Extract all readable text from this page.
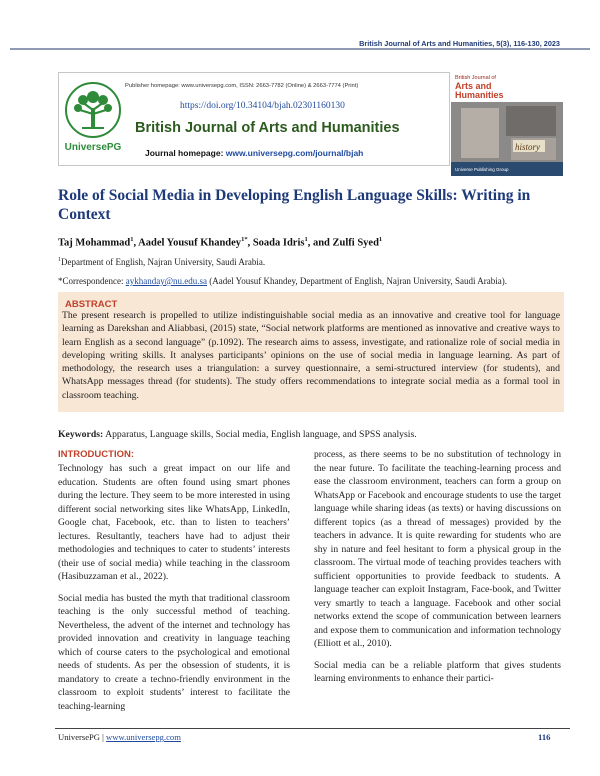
British Journal of Arts and Humanities, 5(3), 116-130, 2023
UniversePG
Publisher homepage: www.universepg.com, ISSN: 2663-7782 (Online) & 2663-7774 (Print)
https://doi.org/10.34104/bjah.02301160130
British Journal of Arts and Humanities
Journal homepage: www.universepg.com/journal/bjah
British Journal of
Arts and
Humanities
history
Universe Publishing Group
Role of Social Media in Developing English Language Skills: Writing in Context
Taj Mohammad$^1$, Aadel Yousuf Khandey$^{1*}$, Soada Idris$^1$, and Zulfi Syed$^1$
$^1$Department of English, Najran University, Saudi Arabia.
*Correspondence: aykhanday@nu.edu.sa (Aadel Yousuf Khandey, Department of English, Najran University, Saudi Arabia).
ABSTRACT
The present research is propelled to utilize indistinguishable social media as an innovative and creative tool for language learning as Darekshan and Aliabbasi, (2015) state, “Social network platforms are mentioned as innovative and creative ways to learn English as a second language” (p.1092). The research aims to assess, investigate, and rationalize role of social media in developing writing skills. It analyses participants’ opinions on the use of social media in language learning. As part of methodology, the research uses a triangulation: a survey questionnaire, a semi-structured interview (for students), and WhatsApp messages thread (for students). The study offers recommendations to integrate social media as a formal tool in classroom teaching.
Keywords: Apparatus, Language skills, Social media, English language, and SPSS analysis.
INTRODUCTION:

Technology has such a great impact on our life and education. Students are often found using smart phones during the lecture. They seem to be more interested in using different social networking sites like WhatsApp, LinkedIn, Google chat, Facebook, etc. than to listen to teachers’ lectures. Resultantly, teachers have had to adjust their methodologies and techniques to cater to students’ interests (their use of social media) while teaching in the classroom (Hasibuzzaman et al., 2022).

Social media has busted the myth that traditional classroom teaching is the only successful method of teaching. Nevertheless, the advent of the internet and technology has provided innovation and creativity in language teaching which of course caters to the psychological and emotional needs of students. As per the obsession of students, it is mandatory to create a techno-friendly environment in the classroom to exploit students’ interest to facilitate the teaching-learning

process, as there seems to be no substitution of technology in the near future. To facilitate the teaching-learning process and ease the classroom environment, teachers can form a group on WhatsApp or Facebook and encourage students to use the target language while sharing ideas (as texts) or having discussions on different topics (as a thread of messages) provided by the teachers in advance. It is quite rewarding for students who are shy in nature and feel hesitant to form a physical group in the classroom. The virtual mode of teaching provides teachers with sufficient opportunities to provide feedback to students. A language teacher can exploit Instagram, Face-book, and Twitter very smartly to teach a language. Facebook and other social networks extend the scope of communication between learners and expose them to communication and information technology (Elliott et al., 2010).

Social media can be a reliable platform that gives students learning environments to enhance their partici-

UniversePG | www.universepg.com	116
